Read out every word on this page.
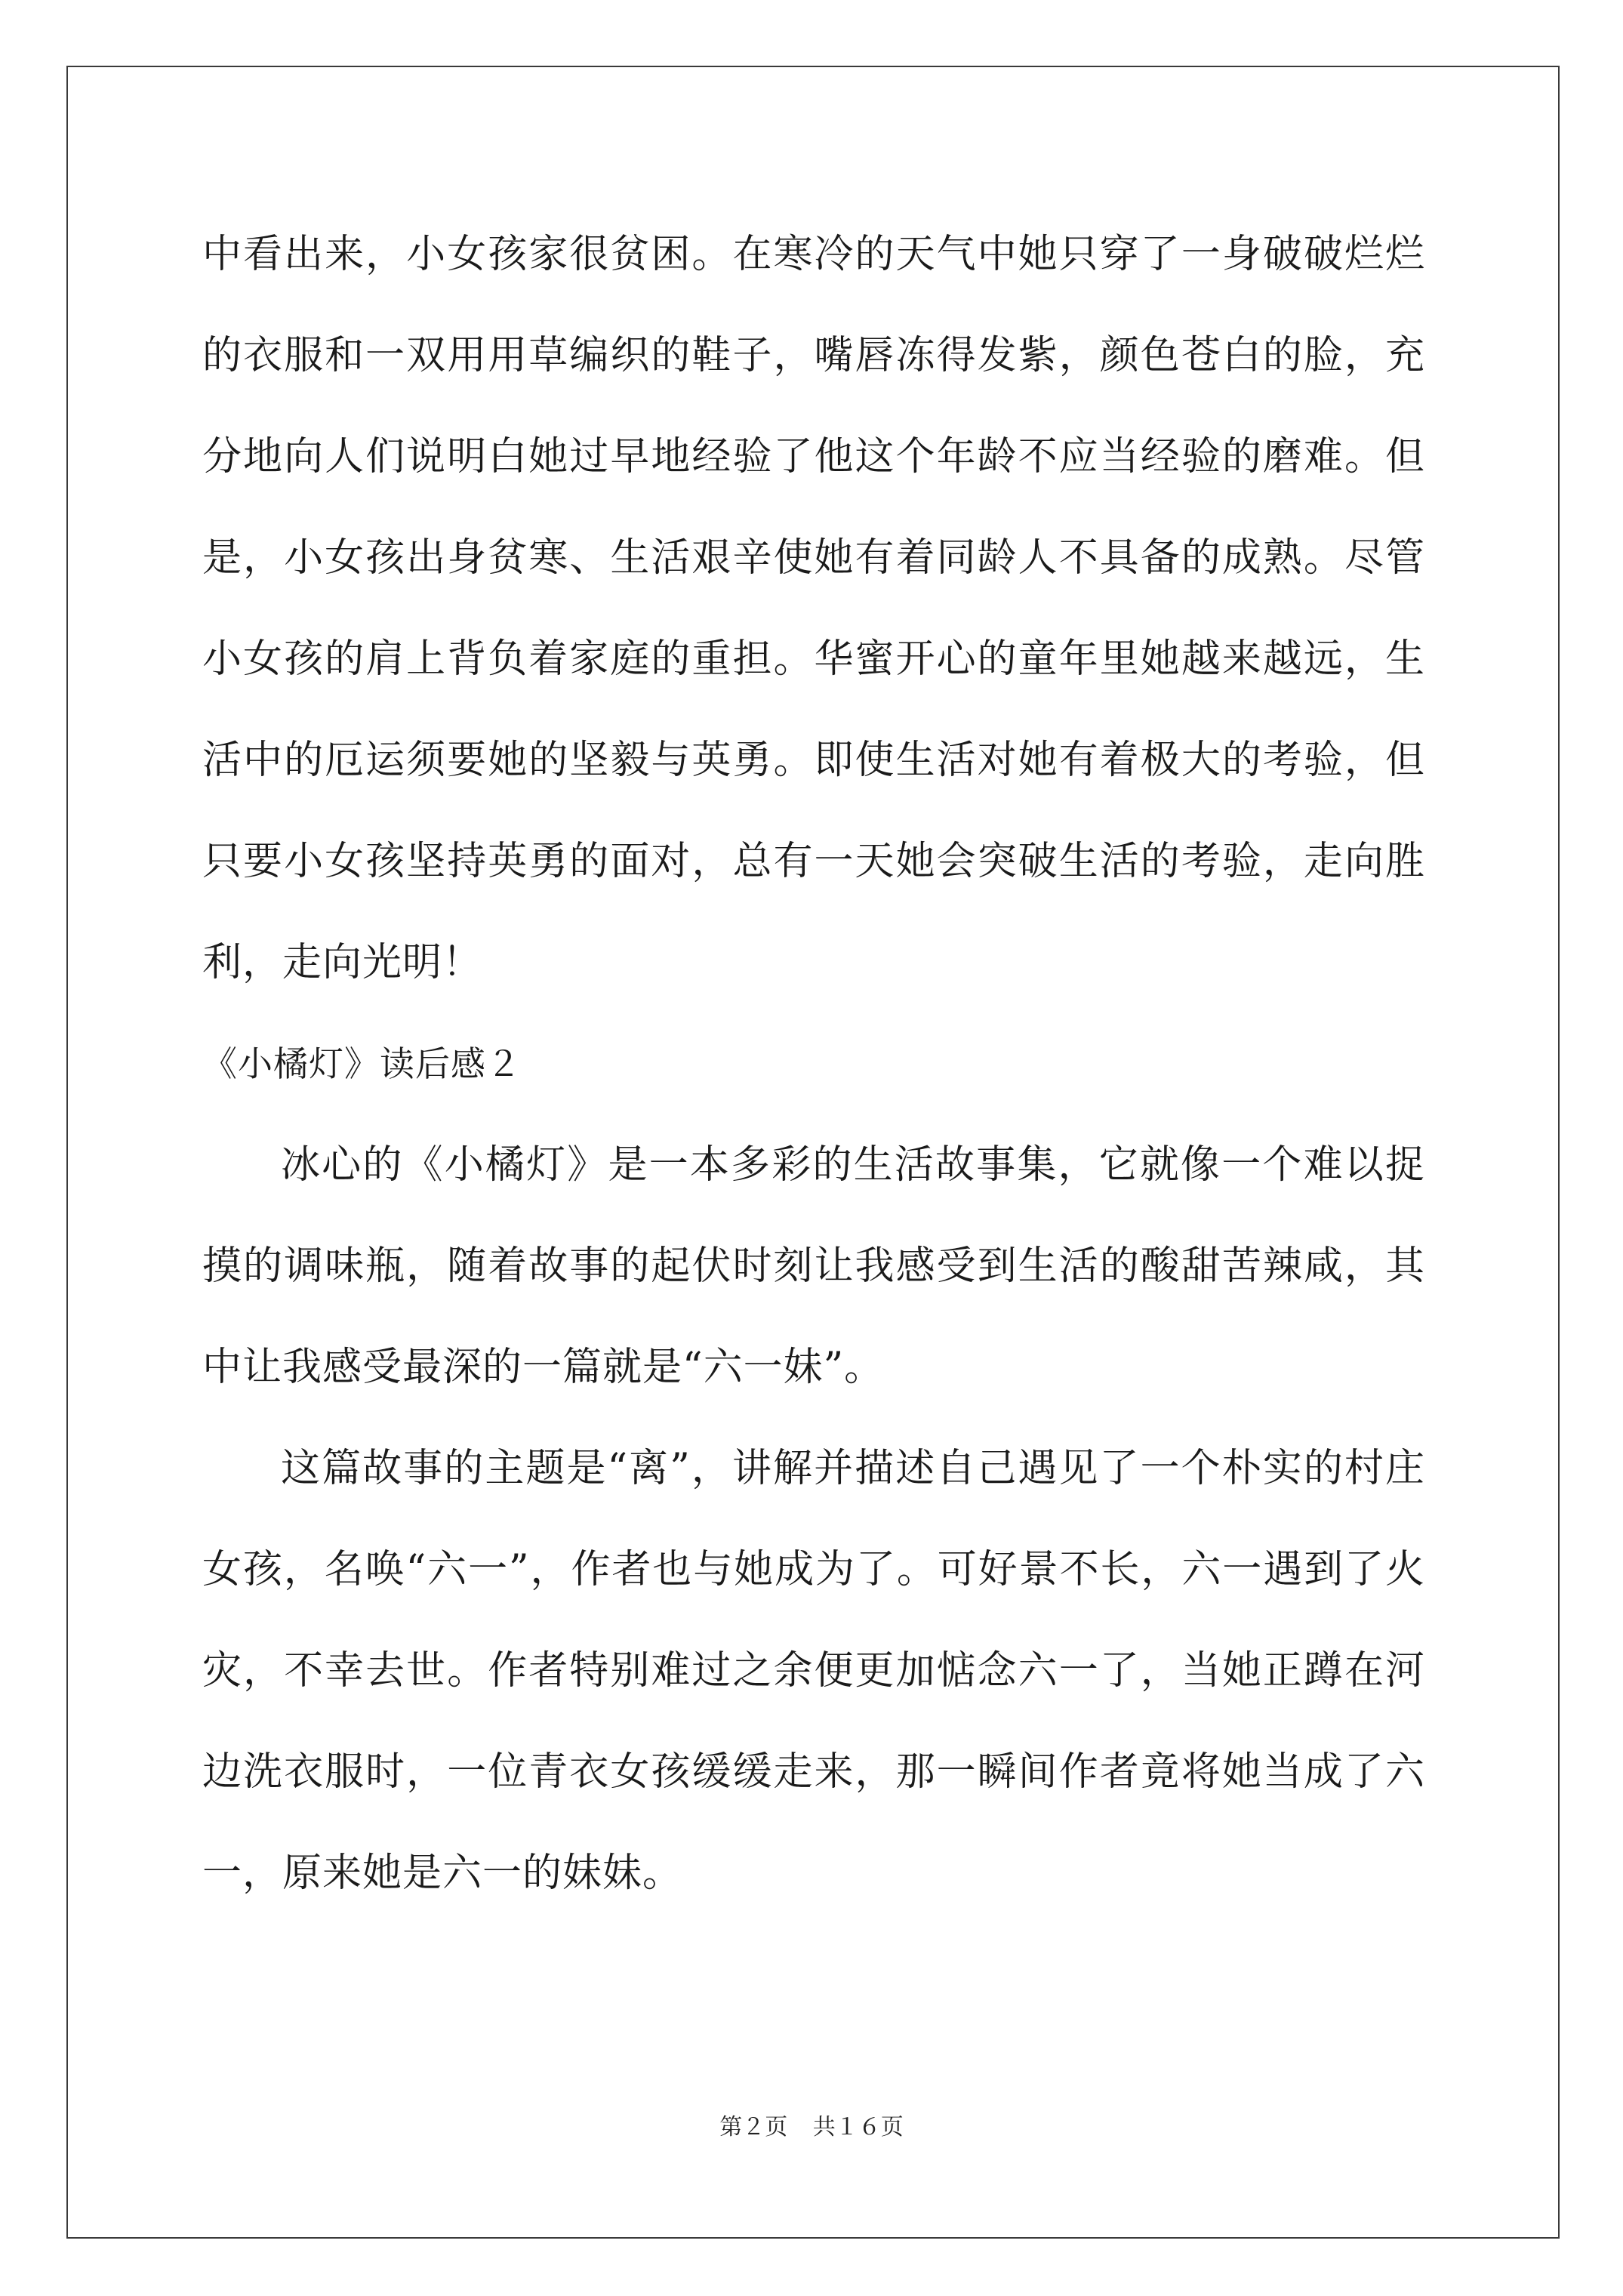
中看出来，小女孩家很贫困。在寒冷的天气中她只穿了一身破破烂烂的衣服和一双用用草编织的鞋子，嘴唇冻得发紫，颜色苍白的脸，充分地向人们说明白她过早地经验了他这个年龄不应当经验的磨难。但是，小女孩出身贫寒、生活艰辛使她有着同龄人不具备的成熟。尽管小女孩的肩上背负着家庭的重担。华蜜开心的童年里她越来越远，生活中的厄运须要她的坚毅与英勇。即使生活对她有着极大的考验，但只要小女孩坚持英勇的面对，总有一天她会突破生活的考验，走向胜利，走向光明！

《小橘灯》读后感２

冰心的《小橘灯》是一本多彩的生活故事集，它就像一个难以捉摸的调味瓶，随着故事的起伏时刻让我感受到生活的酸甜苦辣咸，其中让我感受最深的一篇就是“六一妹”。

这篇故事的主题是“离”，讲解并描述自己遇见了一个朴实的村庄女孩，名唤“六一”，作者也与她成为了。可好景不长，六一遇到了火灾，不幸去世。作者特别难过之余便更加惦念六一了，当她正蹲在河边洗衣服时，一位青衣女孩缓缓走来，那一瞬间作者竟将她当成了六一，原来她是六一的妹妹。

第２页 共１６页
